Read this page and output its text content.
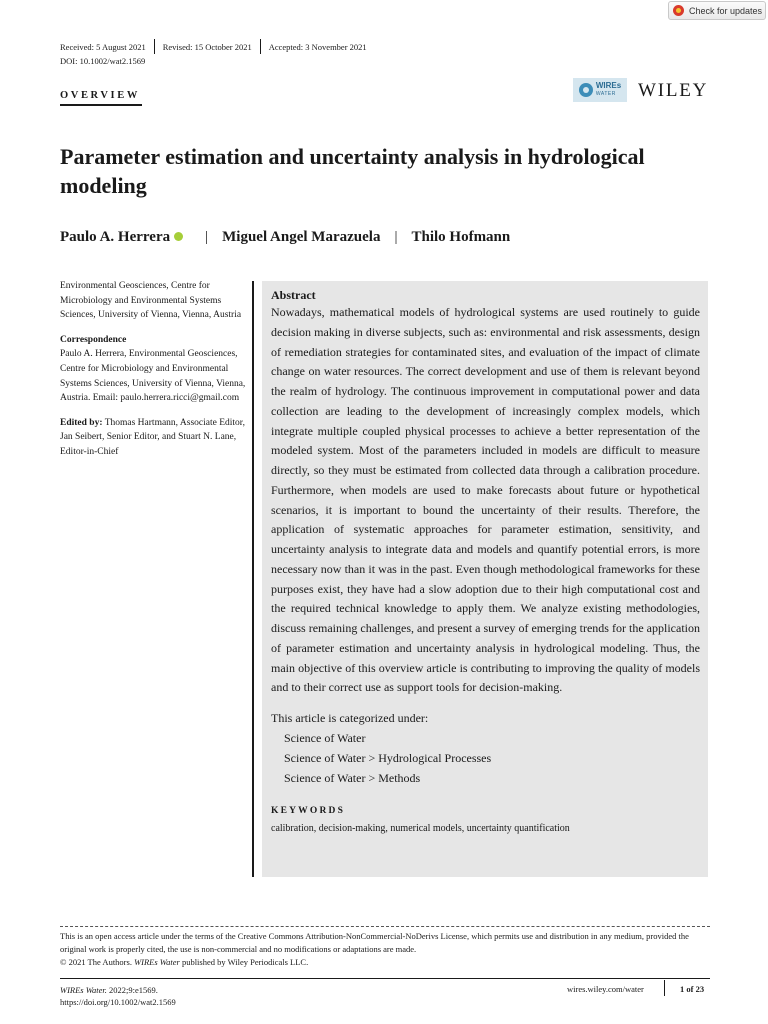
Check for updates
Received: 5 August 2021 Revised: 15 October 2021 Accepted: 3 November 2021
DOI: 10.1002/wat2.1569
OVERVIEW
WIREs
WATER WILEY
Parameter estimation and uncertainty analysis in hydrological modeling
Paulo A. Herrera | Miguel Angel Marazuela | Thilo Hofmann

Environmental Geosciences, Centre for Microbiology and Environmental Systems Sciences, University of Vienna, Vienna, Austria

Correspondence
Paulo A. Herrera, Environmental Geosciences, Centre for Microbiology and Environmental Systems Sciences, University of Vienna, Vienna, Austria. Email: paulo.herrera.ricci@gmail.com

Edited by: Thomas Hartmann, Associate Editor, Jan Seibert, Senior Editor, and Stuart N. Lane, Editor-in-Chief

Abstract

Nowadays, mathematical models of hydrological systems are used routinely to guide decision making in diverse subjects, such as: environmental and risk assessments, design of remediation strategies for contaminated sites, and evaluation of the impact of climate change on water resources. The correct development and use of them is relevant beyond the realm of hydrology. The continuous improvement in computational power and data collection are leading to the development of increasingly complex models, which integrate multiple coupled physical processes to achieve a better representation of the modeled system. Most of the parameters included in models are difficult to measure directly, so they must be estimated from collected data through a calibration procedure. Furthermore, when models are used to make forecasts about future or hypothetical scenarios, it is important to bound the uncertainty of their results. Therefore, the application of systematic approaches for parameter estimation, sensitivity, and uncertainty analysis to integrate data and models and quantify potential errors, is more necessary now than it was in the past. Even though methodological frameworks for these purposes exist, they have had a slow adoption due to their high computational cost and the required technical knowledge to apply them. We analyze existing methodologies, discuss remaining challenges, and present a survey of emerging trends for the application of parameter estimation and uncertainty analysis in hydrological modeling. Thus, the main objective of this overview article is contributing to improving the quality of models and to their correct use as support tools for decision-making.

This article is categorized under:

Science of Water
Science of Water > Hydrological Processes
Science of Water > Methods

KEYWORDS

calibration, decision-making, numerical models, uncertainty quantification

This is an open access article under the terms of the Creative Commons Attribution-NonCommercial-NoDerivs License, which permits use and distribution in any medium, provided the original work is properly cited, the use is non-commercial and no modifications or adaptations are made.

© 2021 The Authors. WIREs Water published by Wiley Periodicals LLC.

WIREs Water. 2022;9:e1569.
https://doi.org/10.1002/wat2.1569
wires.wiley.com/water	1 of 23
